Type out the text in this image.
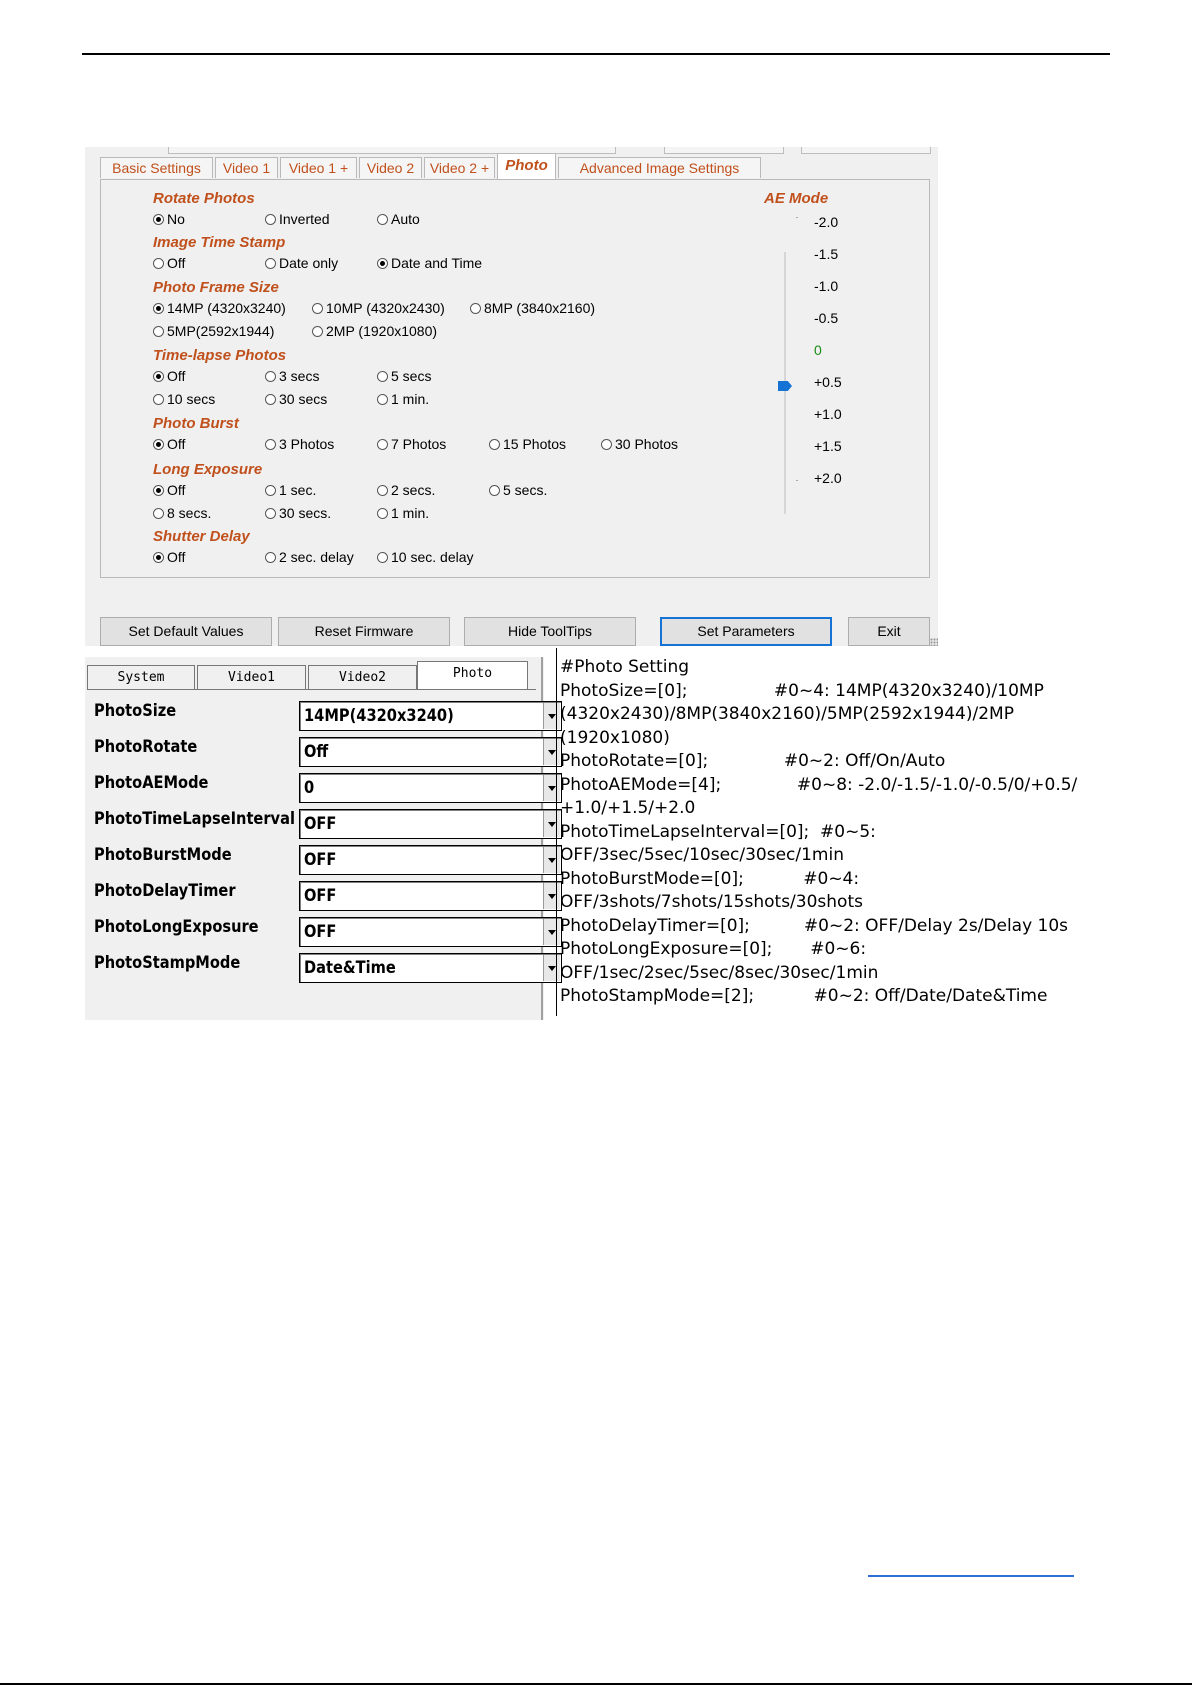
Basic Settings	Video 1	Video 1 +	Video 2	Video 2 +	Photo	Advanced Image Settings
Rotate Photos
No	Inverted	Auto
Image Time Stamp
Off	Date only	Date and Time
Photo Frame Size
14MP (4320x3240)	10MP (4320x2430)	8MP (3840x2160)
5MP(2592x1944)	2MP (1920x1080)
Time-lapse Photos
Off	3 secs	5 secs
10 secs	30 secs	1 min.
Photo Burst
Off	3 Photos	7 Photos	15 Photos	30 Photos
Long Exposure
Off	1 sec.	2 secs.	5 secs.
8 secs.	30 secs.	1 min.
Shutter Delay
Off	2 sec. delay	10 sec. delay
AE Mode
-2.0
-1.5
-1.0
-0.5
0
+0.5
+1.0
+1.5
+2.0
Set Default Values	Reset Firmware	Hide ToolTips	Set Parameters	Exit
System	Video1	Video2	Photo
PhotoSize	14MP(4320x3240)
PhotoRotate	Off
PhotoAEMode	0
PhotoTimeLapseInterval OFF
PhotoBurstMode	OFF
PhotoDelayTimer	OFF
PhotoLongExposure	OFF
PhotoStampMode	Date&Time
#Photo Setting
PhotoSize=[0];                #0~4: 14MP(4320x3240)/10MP
(4320x2430)/8MP(3840x2160)/5MP(2592x1944)/2MP
(1920x1080)
PhotoRotate=[0];              #0~2: Off/On/Auto
PhotoAEMode=[4];              #0~8: -2.0/-1.5/-1.0/-0.5/0/+0.5/
+1.0/+1.5/+2.0
PhotoTimeLapseInterval=[0];  #0~5:
OFF/3sec/5sec/10sec/30sec/1min
PhotoBurstMode=[0];           #0~4:
OFF/3shots/7shots/15shots/30shots
PhotoDelayTimer=[0];          #0~2: OFF/Delay 2s/Delay 10s
PhotoLongExposure=[0];       #0~6:
OFF/1sec/2sec/5sec/8sec/30sec/1min
PhotoStampMode=[2];           #0~2: Off/Date/Date&Time
